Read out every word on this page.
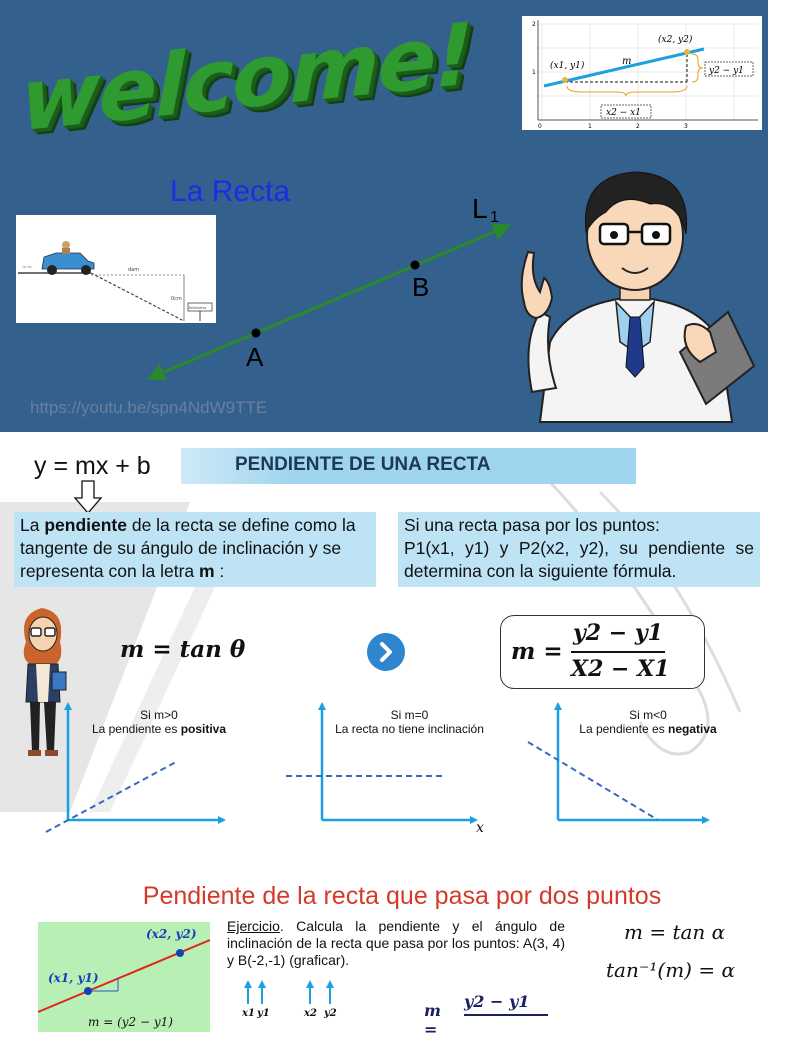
welcome!	(x1, y1)
(x2, y2)
m
y2 − y1
x2 − x1
2
1
0	1	2	3
La Recta
dam
0cm
Kilómetro
≈≈
A
B
L 1
https://youtu.be/spn4NdW9TTE
y = mx + b	PENDIENTE DE UNA RECTA
La pendiente de la recta se define como la tangente de su ángulo de inclinación y se representa con la letra m :
Si una recta pasa por los puntos:
P1(x1, y1) y P2(x2, y2), su pendiente se determina con la siguiente fórmula.
m = tan θ	m =
y2 − y1
X2 − X1
Si m>0
La pendiente es positiva
x
Si m=0
La recta no tiene inclinación
Si m<0
La pendiente es negativa
Pendiente de la recta que pasa por dos puntos
(x1, y1)
(x2, y2)
m = (y2 − y1)
Ejercicio. Calcula la pendiente y el ángulo de inclinación de la recta que pasa por los puntos: A(3, 4) y B(-2,-1) (graficar).
x1 y1	x2 y2	m =
y2 − y1
m = tan α
tan⁻¹(m) = α
